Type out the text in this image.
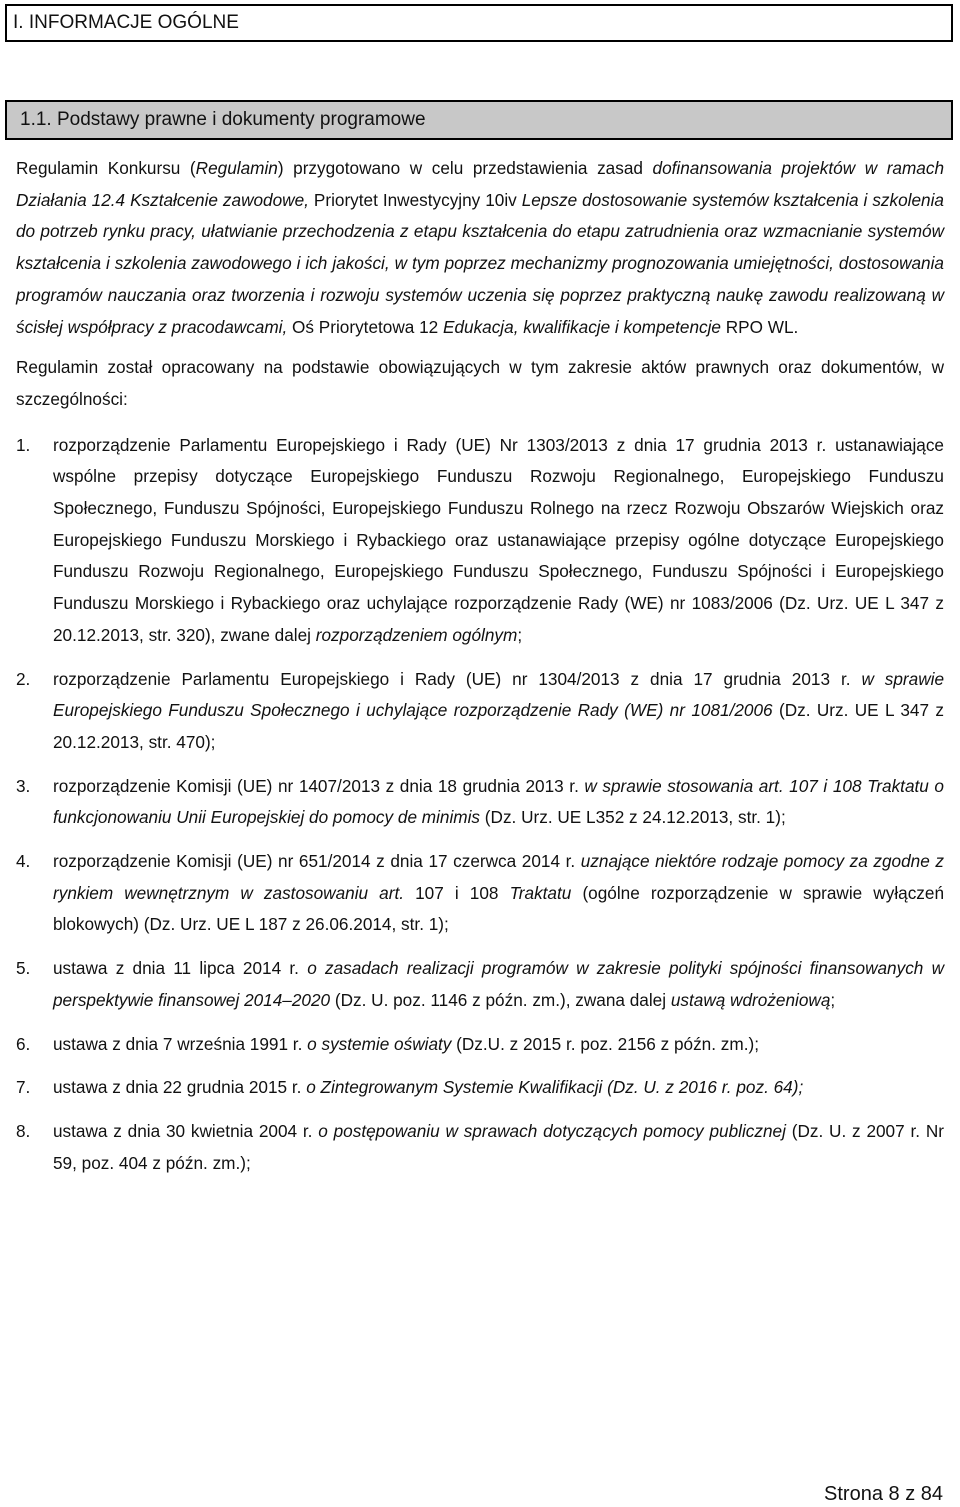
I. INFORMACJE OGÓLNE
1.1. Podstawy prawne i dokumenty programowe

Regulamin Konkursu (Regulamin) przygotowano w celu przedstawienia zasad dofinansowania projektów w ramach Działania 12.4 Kształcenie zawodowe, Priorytet Inwestycyjny 10iv Lepsze dostosowanie systemów kształcenia i szkolenia do potrzeb rynku pracy, ułatwianie przechodzenia z etapu kształcenia do etapu zatrudnienia oraz wzmacnianie systemów kształcenia i szkolenia zawodowego i ich jakości, w tym poprzez mechanizmy prognozowania umiejętności, dostosowania programów nauczania oraz tworzenia i rozwoju systemów uczenia się poprzez praktyczną naukę zawodu realizowaną w ścisłej współpracy z pracodawcami, Oś Priorytetowa 12 Edukacja, kwalifikacje i kompetencje RPO WL.

Regulamin został opracowany na podstawie obowiązujących w tym zakresie aktów prawnych oraz dokumentów, w szczególności:

1. rozporządzenie Parlamentu Europejskiego i Rady (UE) Nr 1303/2013 z dnia 17 grudnia 2013 r. ustanawiające wspólne przepisy dotyczące Europejskiego Funduszu Rozwoju Regionalnego, Europejskiego Funduszu Społecznego, Funduszu Spójności, Europejskiego Funduszu Rolnego na rzecz Rozwoju Obszarów Wiejskich oraz Europejskiego Funduszu Morskiego i Rybackiego oraz ustanawiające przepisy ogólne dotyczące Europejskiego Funduszu Rozwoju Regionalnego, Europejskiego Funduszu Społecznego, Funduszu Spójności i Europejskiego Funduszu Morskiego i Rybackiego oraz uchylające rozporządzenie Rady (WE) nr 1083/2006 (Dz. Urz. UE L 347 z 20.12.2013, str. 320), zwane dalej rozporządzeniem ogólnym;
2. rozporządzenie Parlamentu Europejskiego i Rady (UE) nr 1304/2013 z dnia 17 grudnia 2013 r. w sprawie Europejskiego Funduszu Społecznego i uchylające rozporządzenie Rady (WE) nr 1081/2006 (Dz. Urz. UE L 347 z 20.12.2013, str. 470);
3. rozporządzenie Komisji (UE) nr 1407/2013 z dnia 18 grudnia 2013 r. w sprawie stosowania art. 107 i 108 Traktatu o funkcjonowaniu Unii Europejskiej do pomocy de minimis (Dz. Urz. UE L352 z 24.12.2013, str. 1);
4. rozporządzenie Komisji (UE) nr 651/2014 z dnia 17 czerwca 2014 r. uznające niektóre rodzaje pomocy za zgodne z rynkiem wewnętrznym w zastosowaniu art. 107 i 108 Traktatu (ogólne rozporządzenie w sprawie wyłączeń blokowych) (Dz. Urz. UE L 187 z 26.06.2014, str. 1);
5. ustawa z dnia 11 lipca 2014 r. o zasadach realizacji programów w zakresie polityki spójności finansowanych w perspektywie finansowej 2014–2020 (Dz. U. poz. 1146 z późn. zm.), zwana dalej ustawą wdrożeniową;
6. ustawa z dnia 7 września 1991 r. o systemie oświaty (Dz.U. z 2015 r. poz. 2156 z późn. zm.);
7. ustawa z dnia 22 grudnia 2015 r. o Zintegrowanym Systemie Kwalifikacji (Dz. U. z 2016 r. poz. 64);
8. ustawa z dnia 30 kwietnia 2004 r. o postępowaniu w sprawach dotyczących pomocy publicznej (Dz. U. z 2007 r. Nr 59, poz. 404 z późn. zm.);
Strona 8 z 84
